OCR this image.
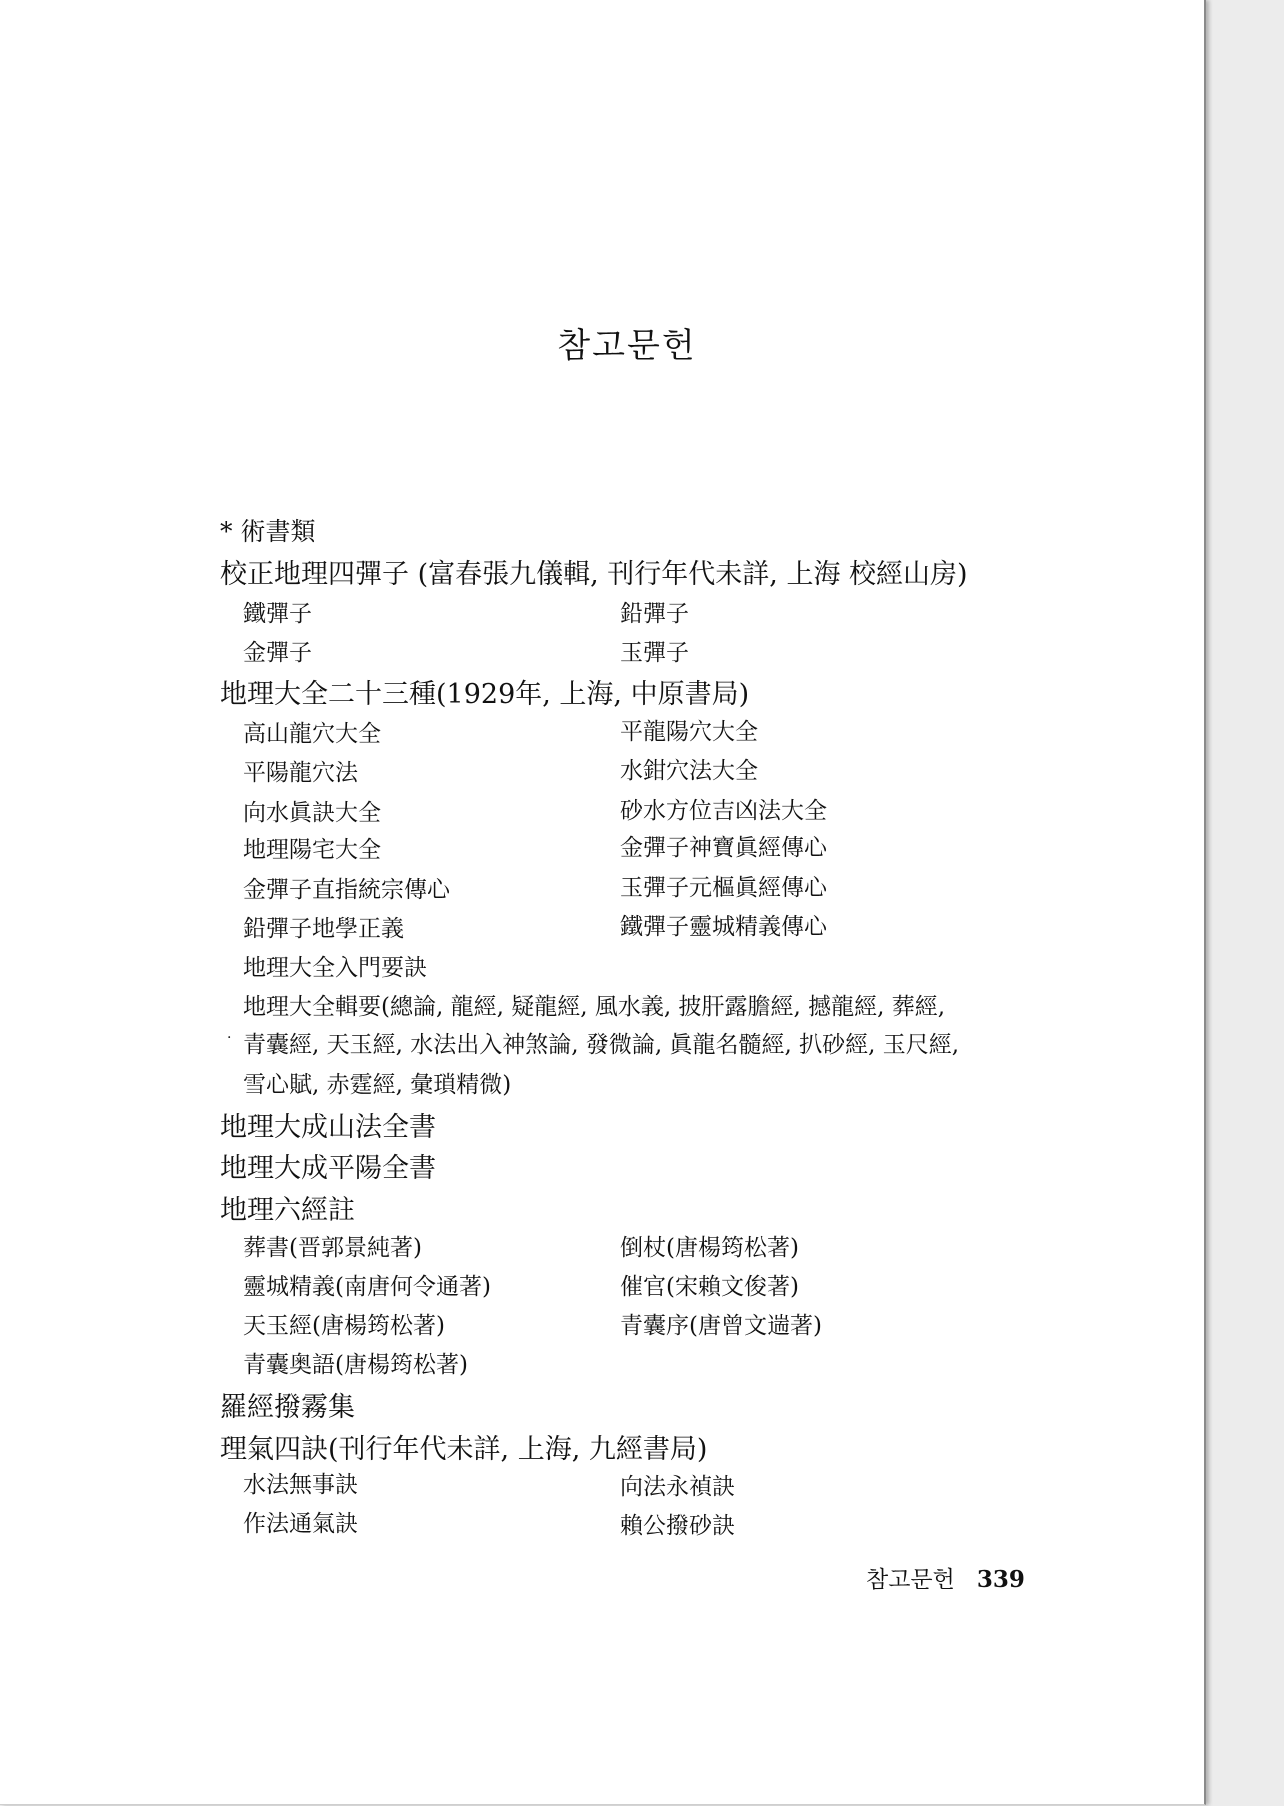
참고문헌
* 術書類
校正地理四彈子 (富春張九儀輯, 刊行年代未詳, 上海 校經山房)
鐵彈子	鉛彈子
金彈子	玉彈子
地理大全二十三種(1929年, 上海, 中原書局)
高山龍穴大全	平龍陽穴大全
平陽龍穴法	水鉗穴法大全
向水眞訣大全	砂水方位吉凶法大全
地理陽宅大全	金彈子神寶眞經傳心
金彈子直指統宗傳心	玉彈子元樞眞經傳心
鉛彈子地學正義	鐵彈子靈城精義傳心
地理大全入門要訣
地理大全輯要(總論, 龍經, 疑龍經, 風水義, 披肝露膽經, 撼龍經, 葬經,
· 青囊經, 天玉經, 水法出入神煞論, 發微論, 眞龍名髓經, 扒砂經, 玉尺經,
雪心賦, 赤霆經, 彙瑣精微)
地理大成山法全書
地理大成平陽全書
地理六經註
葬書(晋郭景純著)	倒杖(唐楊筠松著)
靈城精義(南唐何令通著)	催官(宋賴文俊著)
天玉經(唐楊筠松著)	青囊序(唐曾文遄著)
青囊奥語(唐楊筠松著)
羅經撥霧集
理氣四訣(刊行年代未詳, 上海, 九經書局)
水法無事訣	向法永禎訣
作法通氣訣	賴公撥砂訣
참고문헌 339
